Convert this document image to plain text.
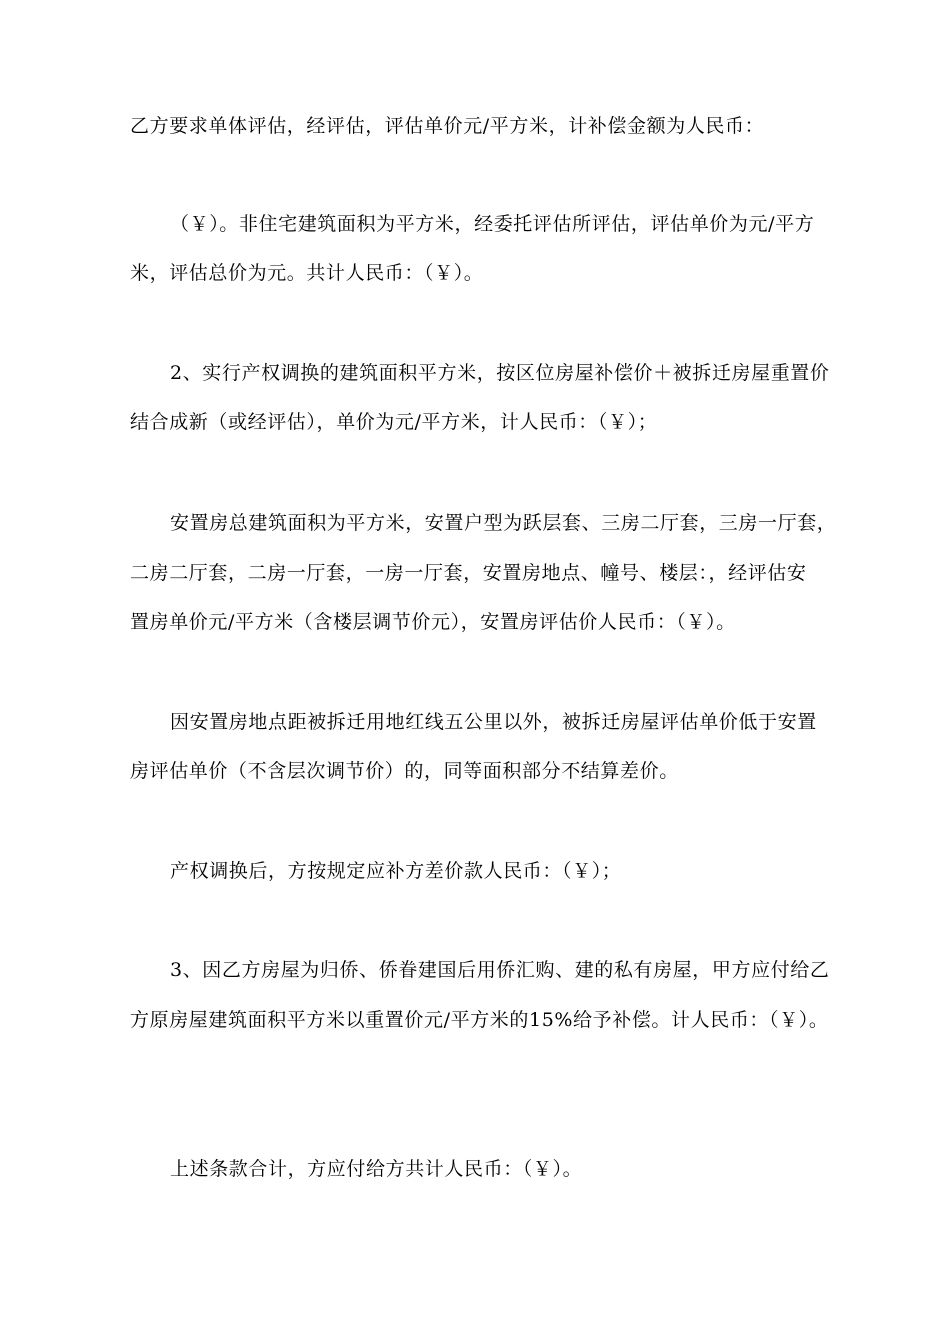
乙方要求单体评估，经评估，评估单价元/平方米，计补偿金额为人民币：
（￥）。非住宅建筑面积为平方米，经委托评估所评估，评估单价为元/平方
米，评估总价为元。共计人民币：（￥）。
2、实行产权调换的建筑面积平方米，按区位房屋补偿价＋被拆迁房屋重置价
结合成新（或经评估），单价为元/平方米，计人民币：（￥）；
安置房总建筑面积为平方米，安置户型为跃层套、三房二厅套，三房一厅套，
二房二厅套，二房一厅套，一房一厅套，安置房地点、幢号、楼层：，经评估安
置房单价元/平方米（含楼层调节价元），安置房评估价人民币：（￥）。
因安置房地点距被拆迁用地红线五公里以外，被拆迁房屋评估单价低于安置
房评估单价（不含层次调节价）的，同等面积部分不结算差价。
产权调换后，方按规定应补方差价款人民币：（￥）；
3、因乙方房屋为归侨、侨眷建国后用侨汇购、建的私有房屋，甲方应付给乙
方原房屋建筑面积平方米以重置价元/平方米的15%给予补偿。计人民币：（￥）。
上述条款合计，方应付给方共计人民币：（￥）。
